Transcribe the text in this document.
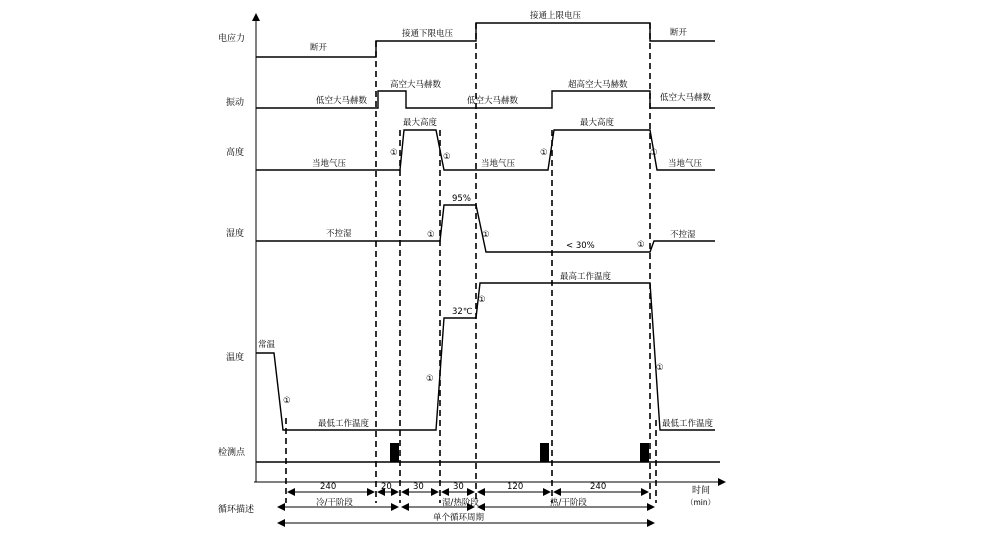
时间
（min）
电应力
振动
高度
湿度
温度
检测点
循环描述
断开
接通下限电压
接通上限电压
断开
低空大马赫数
高空大马赫数
低空大马赫数
超高空大马赫数
低空大马赫数
当地气压
最大高度
当地气压
最大高度
当地气压
①	①	①	①
不控湿
95%
< 30%
不控湿
①	①
①
常温
最低工作温度
32℃
最高工作温度
最低工作温度
①
①
①
①
240	20 30	30	120	240
冷/干阶段	湿/热阶段	热/干阶段
单个循环周期
